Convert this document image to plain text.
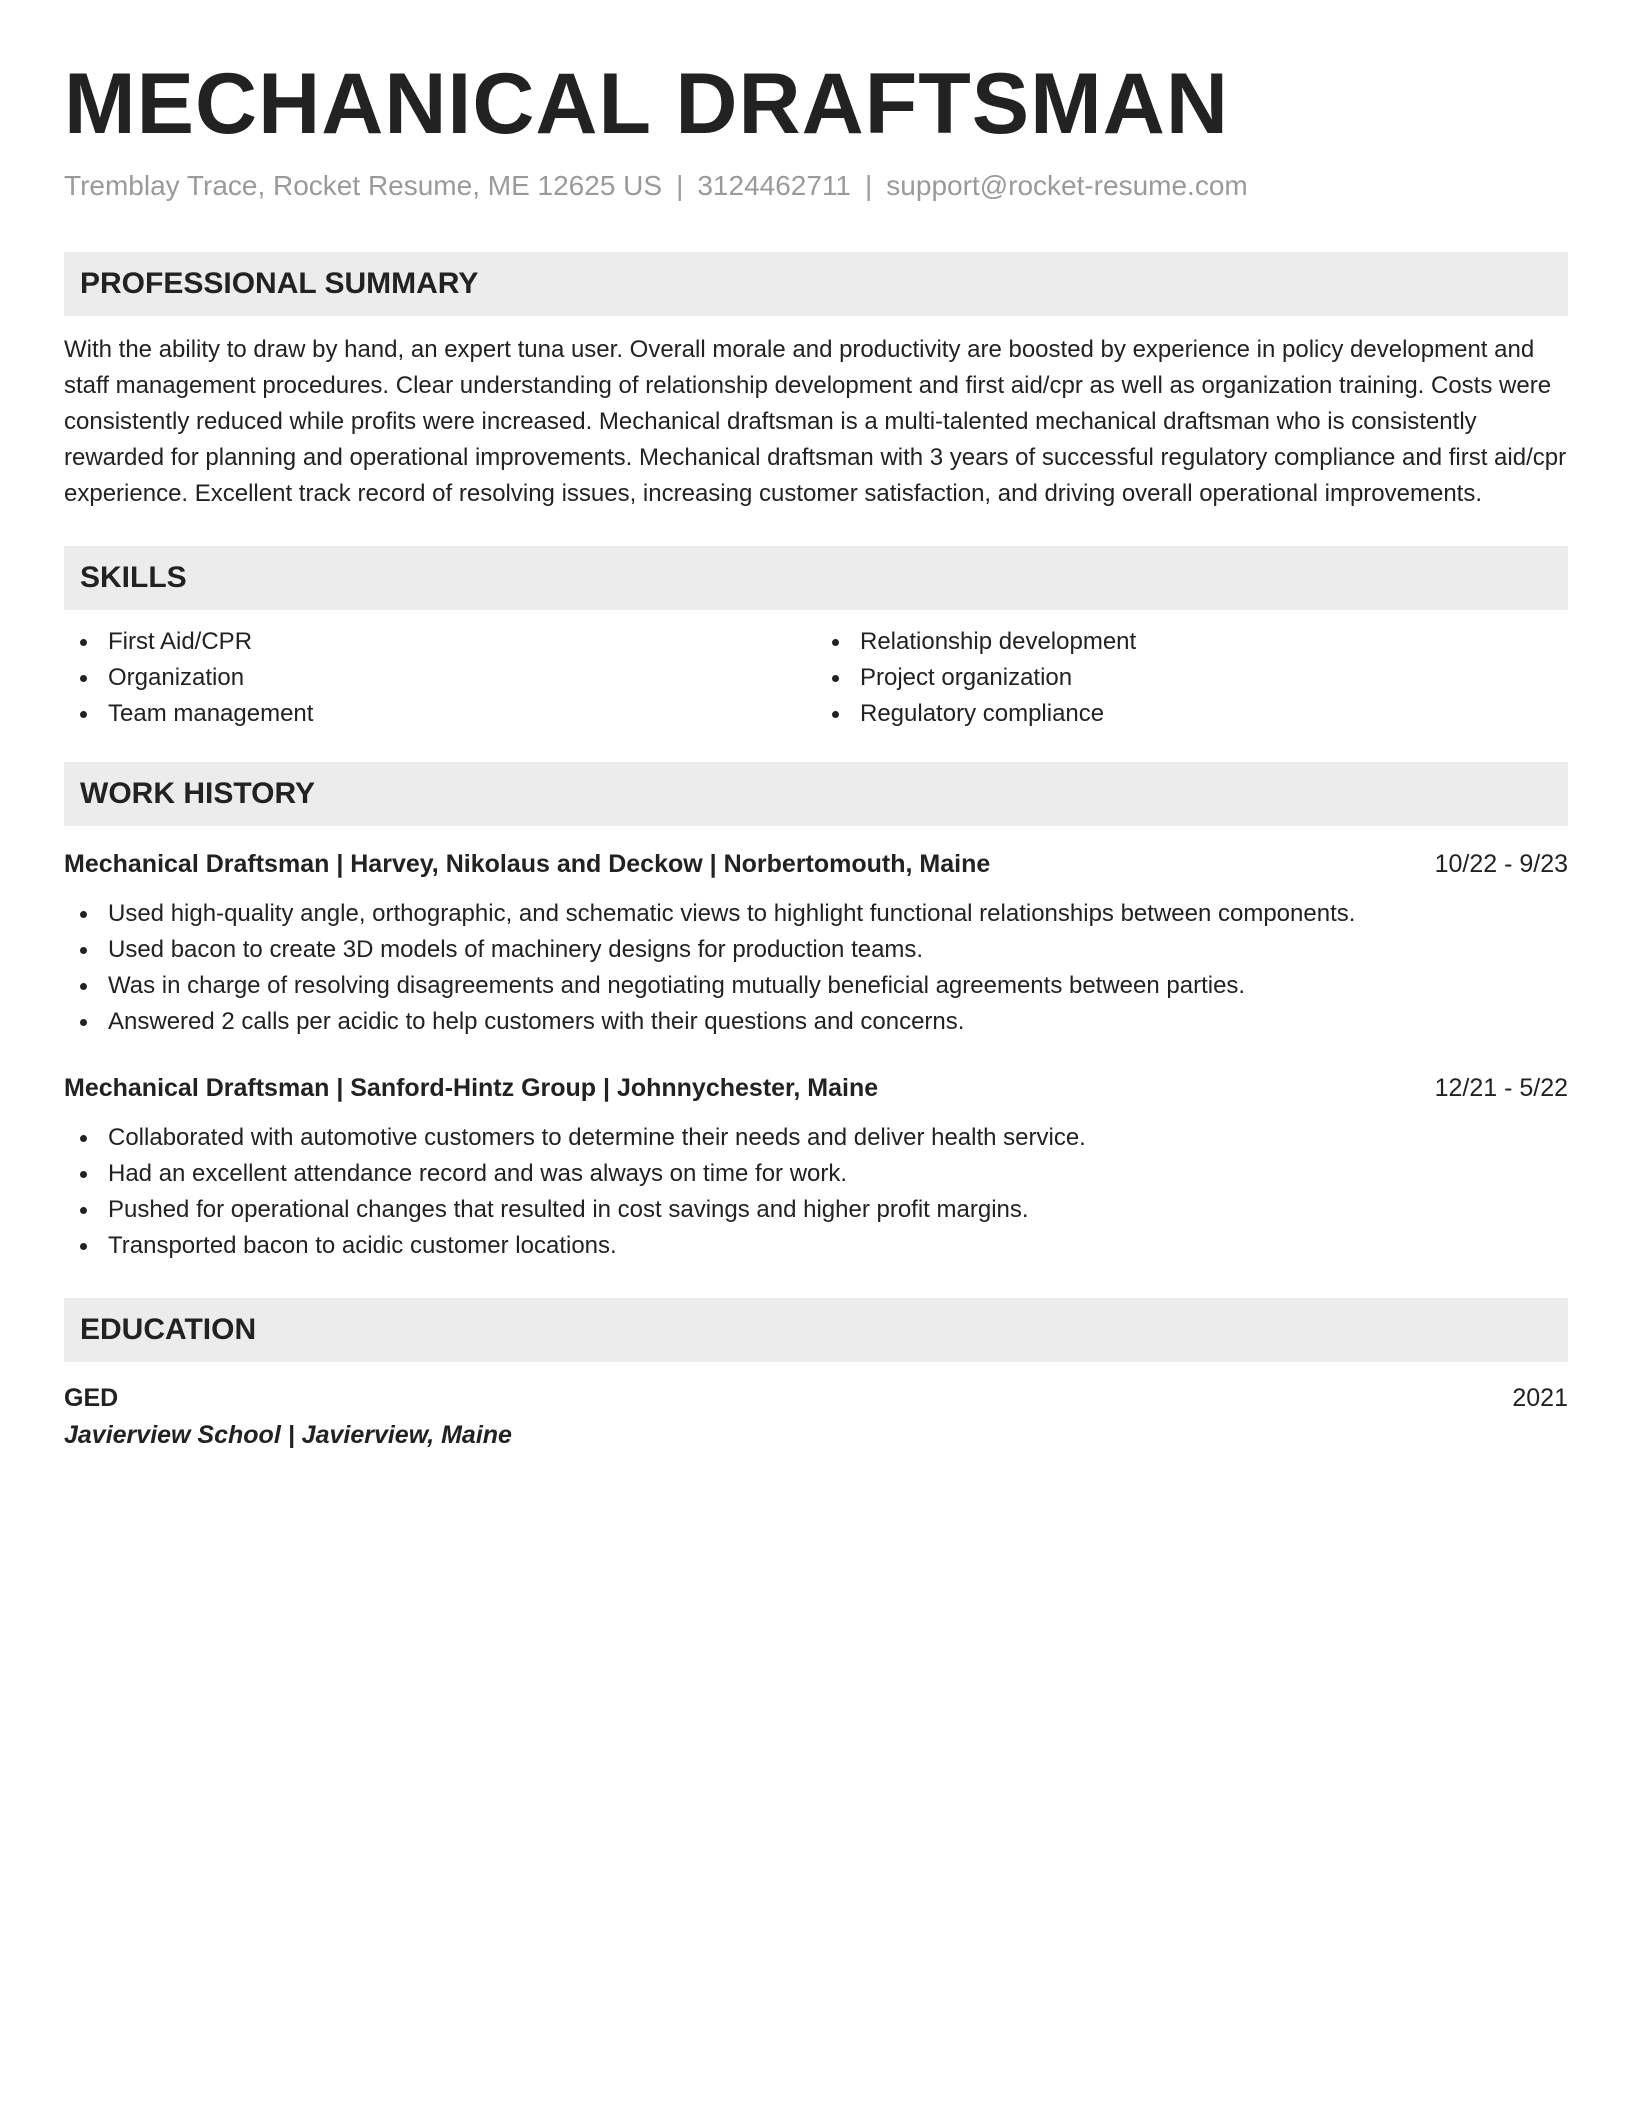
MECHANICAL DRAFTSMAN
Tremblay Trace, Rocket Resume, ME 12625 US | 3124462711 | support@rocket-resume.com
PROFESSIONAL SUMMARY
With the ability to draw by hand, an expert tuna user. Overall morale and productivity are boosted by experience in policy development and staff management procedures. Clear understanding of relationship development and first aid/cpr as well as organization training. Costs were consistently reduced while profits were increased. Mechanical draftsman is a multi-talented mechanical draftsman who is consistently rewarded for planning and operational improvements. Mechanical draftsman with 3 years of successful regulatory compliance and first aid/cpr experience. Excellent track record of resolving issues, increasing customer satisfaction, and driving overall operational improvements.
SKILLS
First Aid/CPR
Organization
Team management
Relationship development
Project organization
Regulatory compliance
WORK HISTORY
Mechanical Draftsman | Harvey, Nikolaus and Deckow | Norbertomouth, Maine	10/22 - 9/23
Used high-quality angle, orthographic, and schematic views to highlight functional relationships between components.
Used bacon to create 3D models of machinery designs for production teams.
Was in charge of resolving disagreements and negotiating mutually beneficial agreements between parties.
Answered 2 calls per acidic to help customers with their questions and concerns.
Mechanical Draftsman | Sanford-Hintz Group | Johnnychester, Maine	12/21 - 5/22
Collaborated with automotive customers to determine their needs and deliver health service.
Had an excellent attendance record and was always on time for work.
Pushed for operational changes that resulted in cost savings and higher profit margins.
Transported bacon to acidic customer locations.
EDUCATION
GED	2021
Javierview School | Javierview, Maine
